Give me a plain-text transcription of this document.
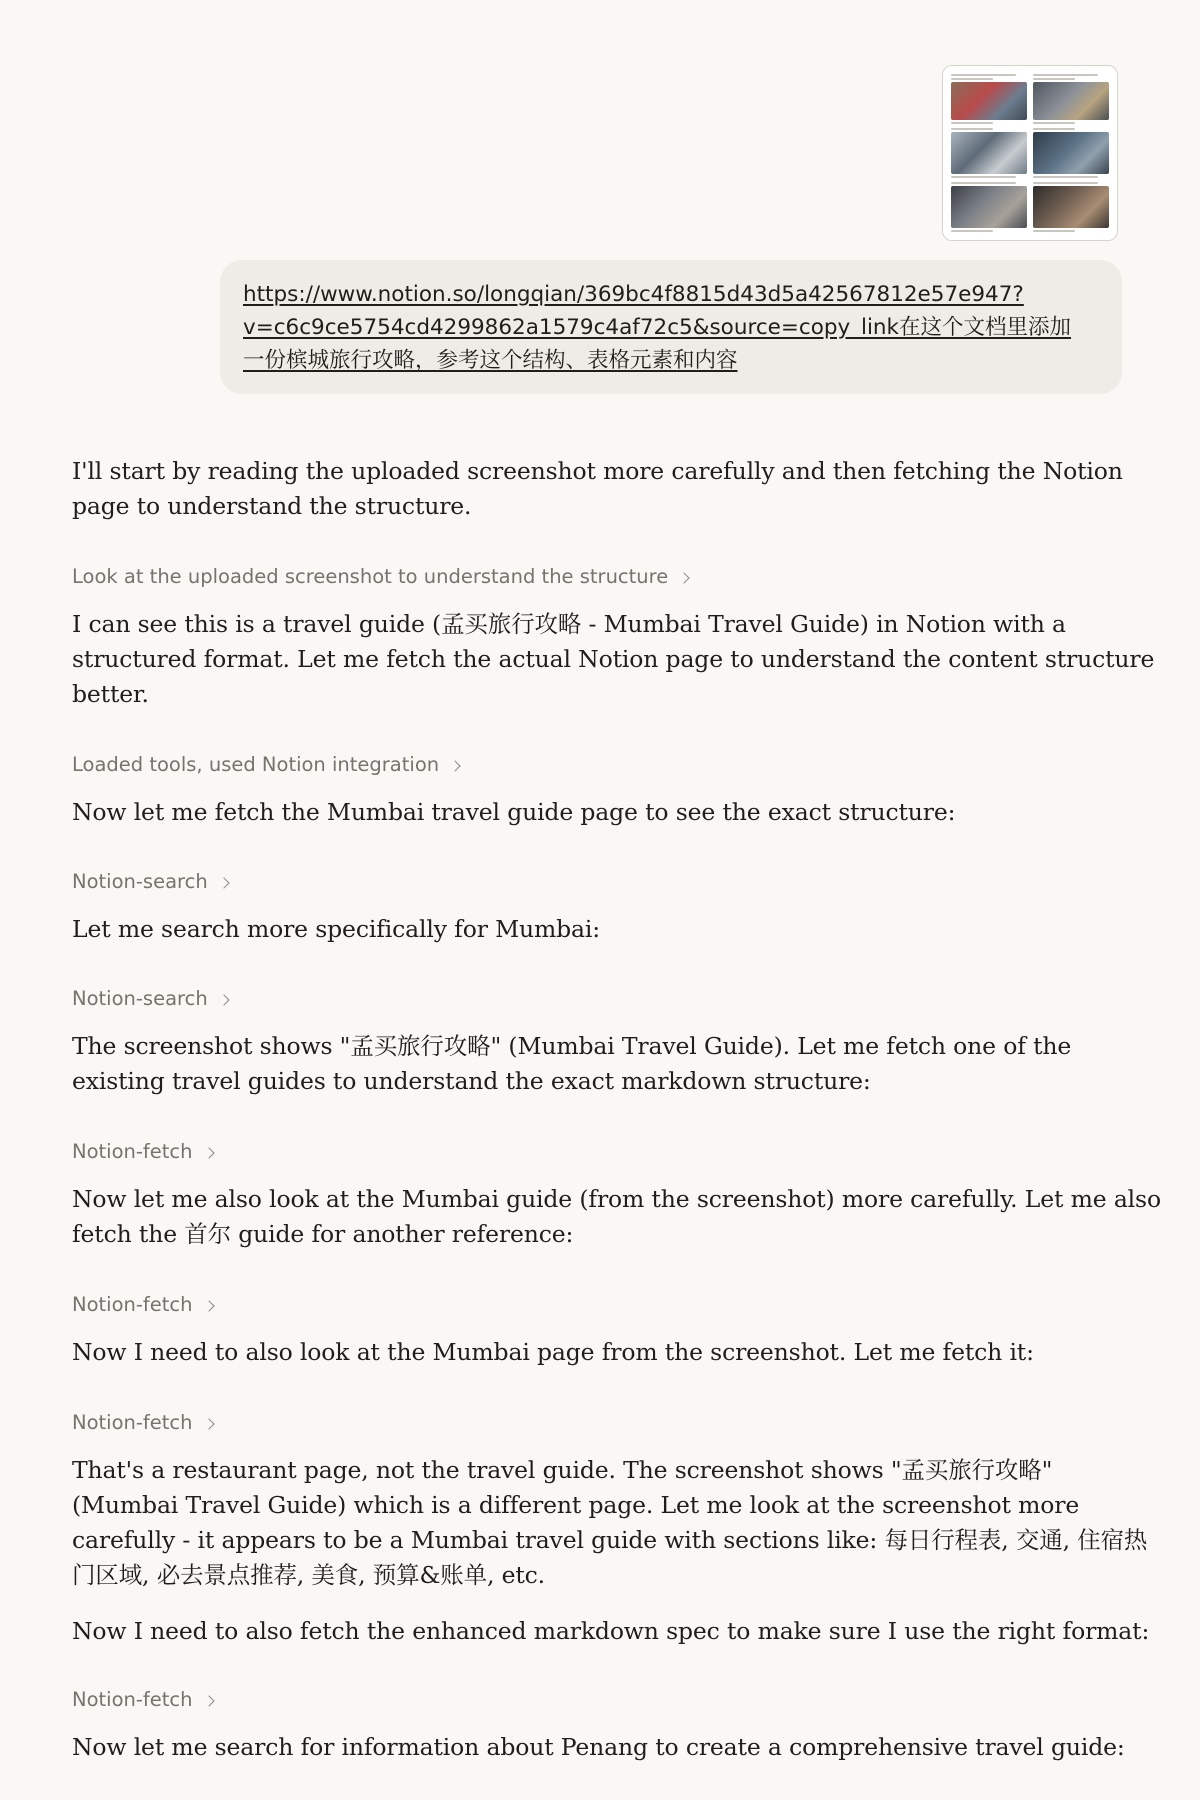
https://www.notion.so/longqian/369bc4f8815d43d5a42567812e57e947?
v=c6c9ce5754cd4299862a1579c4af72c5&source=copy_link在这个文档里添加
一份槟城旅行攻略，参考这个结构、表格元素和内容

I'll start by reading the uploaded screenshot more carefully and then fetching the Notion
page to understand the structure.

Look at the uploaded screenshot to understand the structure

I can see this is a travel guide (孟买旅行攻略 - Mumbai Travel Guide) in Notion with a
structured format. Let me fetch the actual Notion page to understand the content structure
better.

Loaded tools, used Notion integration

Now let me fetch the Mumbai travel guide page to see the exact structure:

Notion-search

Let me search more specifically for Mumbai:

Notion-search

The screenshot shows "孟买旅行攻略" (Mumbai Travel Guide). Let me fetch one of the
existing travel guides to understand the exact markdown structure:

Notion-fetch

Now let me also look at the Mumbai guide (from the screenshot) more carefully. Let me also
fetch the 首尔 guide for another reference:

Notion-fetch

Now I need to also look at the Mumbai page from the screenshot. Let me fetch it:

Notion-fetch

That's a restaurant page, not the travel guide. The screenshot shows "孟买旅行攻略"
(Mumbai Travel Guide) which is a different page. Let me look at the screenshot more
carefully - it appears to be a Mumbai travel guide with sections like: 每日行程表, 交通, 住宿热
门区域, 必去景点推荐, 美食, 预算&账单, etc.

Now I need to also fetch the enhanced markdown spec to make sure I use the right format:

Notion-fetch

Now let me search for information about Penang to create a comprehensive travel guide:
